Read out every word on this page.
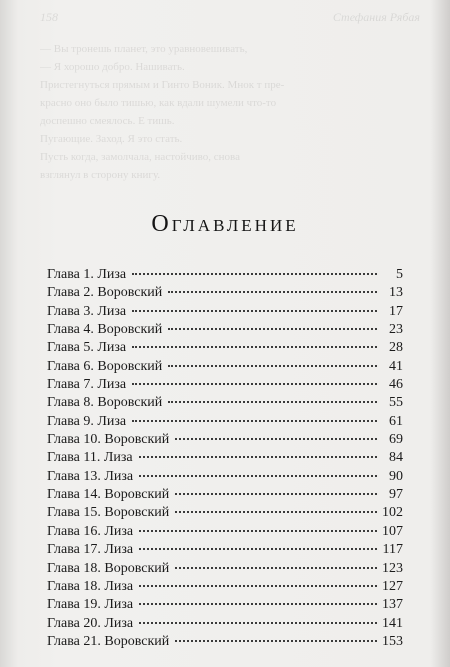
158	Стефания Рябая

— Вы тронешь планет, это уравновешивать,

— Я хорошо добро. Нашивать.

Пристегнуться прямым и Гинто Воник. Мнок т пре-

красно оно было тишью, как вдали шумели что-то

доспешно смеялось. Е тишь.

Пугающие. Заход. Я это стать.

Пусть когда, замолчала, настойчиво, снова

взглянул в сторону книгу.

Оглавление
Глава 1. Лиза	5
Глава 2. Воровский	13
Глава 3. Лиза	17
Глава 4. Воровский	23
Глава 5. Лиза	28
Глава 6. Воровский	41
Глава 7. Лиза	46
Глава 8. Воровский	55
Глава 9. Лиза	61
Глава 10. Воровский	69
Глава 11. Лиза	84
Глава 13. Лиза	90
Глава 14. Воровский	97
Глава 15. Воровский	102
Глава 16. Лиза	107
Глава 17. Лиза	117
Глава 18. Воровский	123
Глава 18. Лиза	127
Глава 19. Лиза	137
Глава 20. Лиза	141
Глава 21. Воровский	153
